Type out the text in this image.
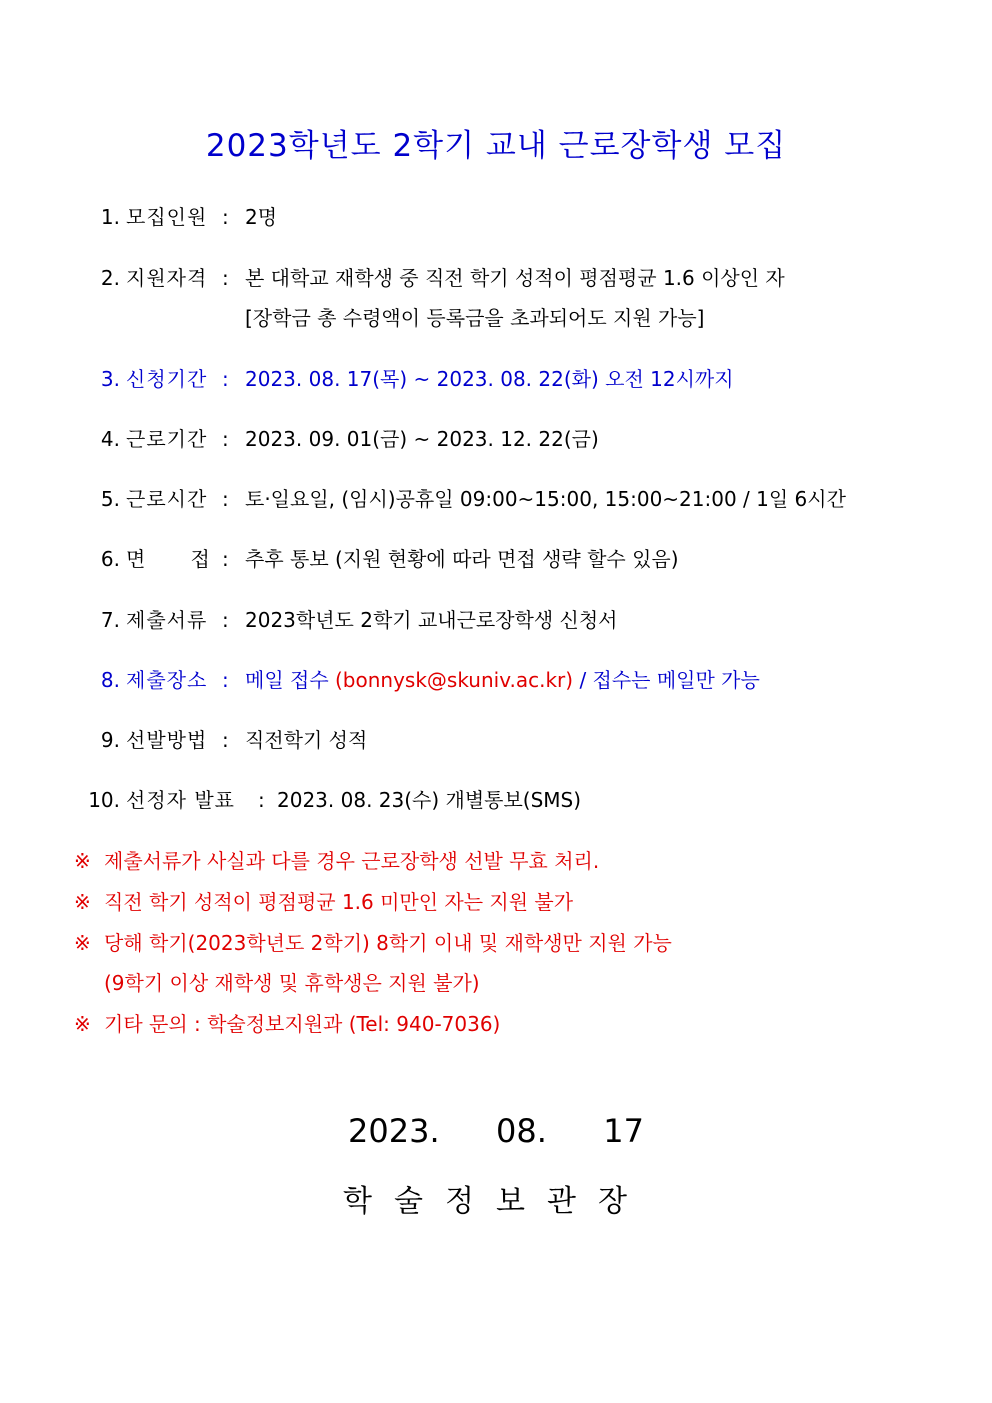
2023학년도 2학기 교내 근로장학생 모집
1. 모집인원 : 2명
2. 지원자격 : 본 대학교 재학생 중 직전 학기 성적이 평점평균 1.6 이상인 자
[장학금 총 수령액이 등록금을 초과되어도 지원 가능]
3. 신청기간 : 2023. 08. 17(목) ~ 2023. 08. 22(화) 오전 12시까지
4. 근로기간 : 2023. 09. 01(금) ~ 2023. 12. 22(금)
5. 근로시간 : 토·일요일, (임시)공휴일 09:00~15:00, 15:00~21:00 / 1일 6시간
6. 면      접 : 추후 통보 (지원 현황에 따라 면접 생략 할수 있음)
7. 제출서류 : 2023학년도 2학기 교내근로장학생 신청서
8. 제출장소 : 메일 접수 (bonnysk@skuniv.ac.kr) / 접수는 메일만 가능
9. 선발방법 : 직전학기 성적
10. 선정자 발표 : 2023. 08. 23(수) 개별통보(SMS)
※ 제출서류가 사실과 다를 경우 근로장학생 선발 무효 처리.
※ 직전 학기 성적이 평점평균 1.6 미만인 자는 지원 불가
※ 당해 학기(2023학년도 2학기) 8학기 이내 및 재학생만 지원 가능
(9학기 이상 재학생 및 휴학생은 지원 불가)
※ 기타 문의 : 학술정보지원과 (Tel: 940-7036)
2023.  08.  17
학술정보관장
